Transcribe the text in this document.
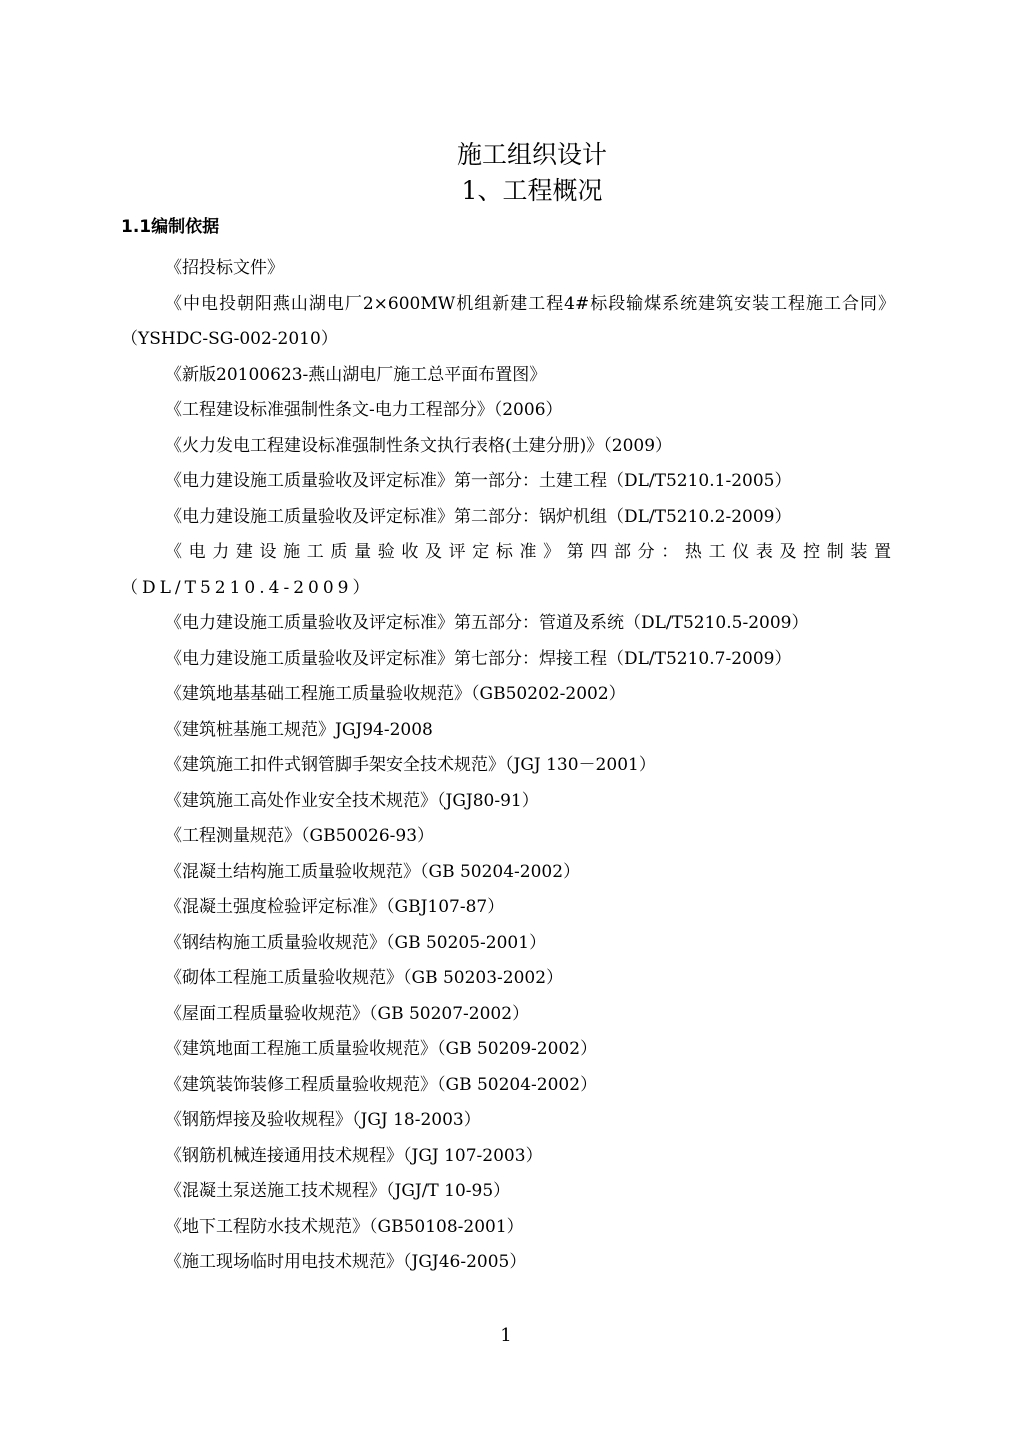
施工组织设计
1、工程概况
1.1编制依据
《招投标文件》
《中电投朝阳燕山湖电厂2×600MW机组新建工程4#标段输煤系统建筑安装工程施工合同》（YSHDC-SG-002-2010）
《新版20100623-燕山湖电厂施工总平面布置图》
《工程建设标准强制性条文-电力工程部分》（2006）
《火力发电工程建设标准强制性条文执行表格(土建分册)》（2009）
《电力建设施工质量验收及评定标准》第一部分：土建工程（DL/T5210.1-2005）
《电力建设施工质量验收及评定标准》第二部分：锅炉机组（DL/T5210.2-2009）
《电力建设施工质量验收及评定标准》第四部分：热工仪表及控制装置（DL/T5210.4-2009）
《电力建设施工质量验收及评定标准》第五部分：管道及系统（DL/T5210.5-2009）
《电力建设施工质量验收及评定标准》第七部分：焊接工程（DL/T5210.7-2009）
《建筑地基基础工程施工质量验收规范》（GB50202-2002）
《建筑桩基施工规范》JGJ94-2008
《建筑施工扣件式钢管脚手架安全技术规范》（JGJ 130－2001）
《建筑施工高处作业安全技术规范》（JGJ80-91）
《工程测量规范》（GB50026-93）
《混凝土结构施工质量验收规范》（GB 50204-2002）
《混凝土强度检验评定标准》（GBJ107-87）
《钢结构施工质量验收规范》（GB 50205-2001）
《砌体工程施工质量验收规范》（GB 50203-2002）
《屋面工程质量验收规范》（GB 50207-2002）
《建筑地面工程施工质量验收规范》（GB 50209-2002）
《建筑装饰装修工程质量验收规范》（GB 50204-2002）
《钢筋焊接及验收规程》（JGJ 18-2003）
《钢筋机械连接通用技术规程》（JGJ 107-2003）
《混凝土泵送施工技术规程》（JGJ/T 10-95）
《地下工程防水技术规范》（GB50108-2001）
《施工现场临时用电技术规范》（JGJ46-2005）
1
